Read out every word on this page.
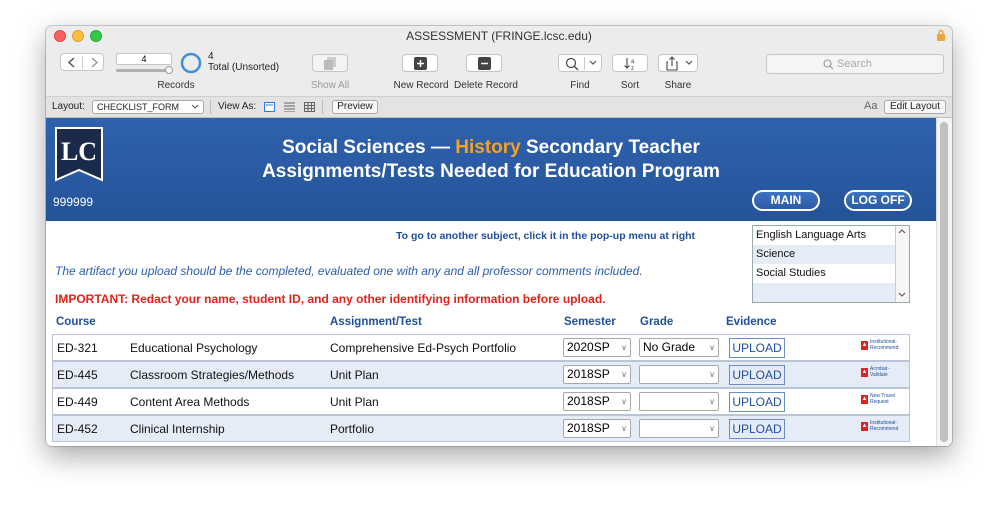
ASSESSMENT (FRINGE.lcsc.edu)
4	4
Total (Unsorted)
Records	Show All	New Record Delete Record	Find
a
z
Sort	Share
Search
Layout:	CHECKLIST_FORM	View As:	Preview	Aa	Edit Layout
LC	Social Sciences — History Secondary Teacher
Assignments/Tests Needed for Education Program
999999	MAIN	LOG OFF
To go to another subject, click it in the pop-up menu at right	English Language Arts
Science
Social Studies
The artifact you upload should be the completed, evaluated one with any and all professor comments included.
IMPORTANT: Redact your name, student ID, and any other identifying information before upload.
Course	Assignment/Test	Semester Grade	Evidence
ED-321	Educational Psychology	Comprehensive Ed-Psych Portfolio	2020SP ∨	No Grade ∨ UPLOAD	▲ Institutional-Recommend
ED-445	Classroom Strategies/Methods	Unit Plan	2018SP ∨	∨ UPLOAD	▲ Acrobat - Validate
ED-449	Content Area Methods	Unit Plan	2018SP ∨	∨ UPLOAD	▲ New Travel Request
ED-452	Clinical Internship	Portfolio	2018SP ∨	∨ UPLOAD	▲ Institutional-Recommend
